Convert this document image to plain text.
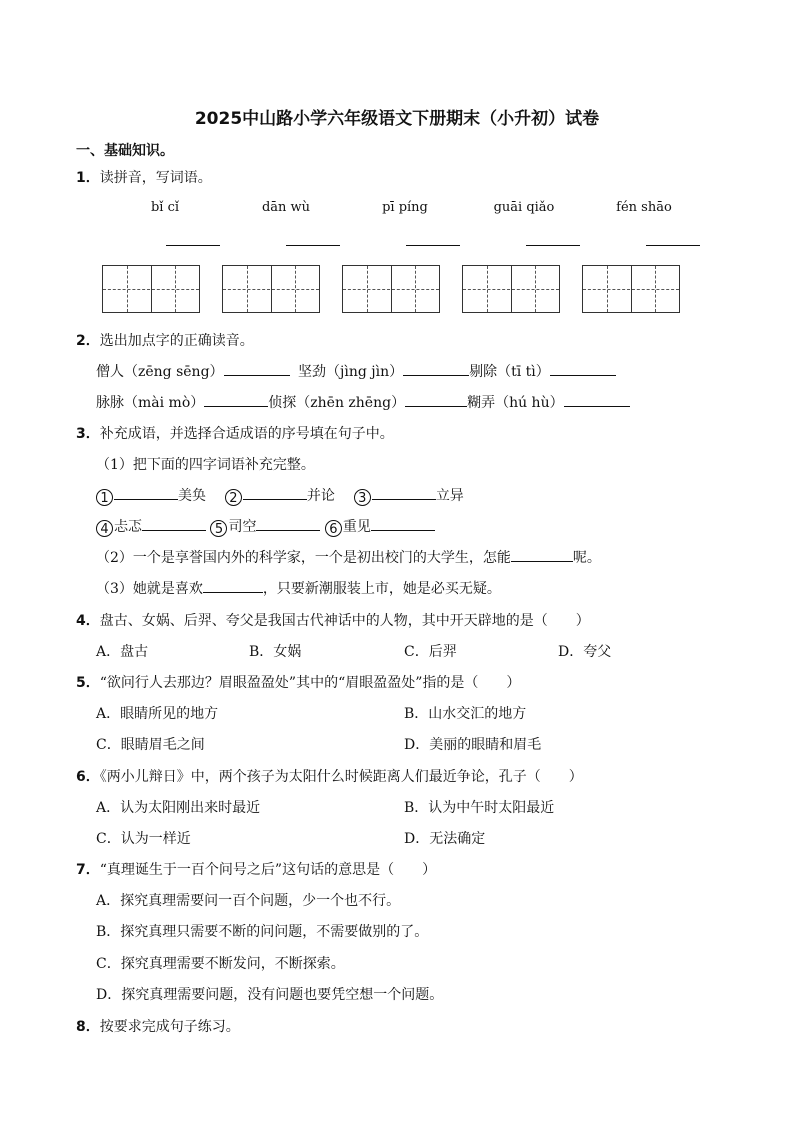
2025中山路小学六年级语文下册期末（小升初）试卷
一、基础知识。
1．读拼音，写词语。
bǐ cǐ	dān wù	pī píng	guāi qiǎo	fén shāo
2．选出加点字的正确读音。
僧人（zēng sēng）	坚劲（jìng jìn）	剔除（tī tì）
脉脉（mài mò）	侦探（zhēn zhēng）	糊弄（hú hù）
3．补充成语，并选择合适成语的序号填在句子中。
（1）把下面的四字词语补充完整。
1	美奂 2	并论 3	立异
4 忐忑	5 司空	6 重见
（2）一个是享誉国内外的科学家，一个是初出校门的大学生，怎能	呢。
（3）她就是喜欢	，只要新潮服装上市，她是必买无疑。
4．盘古、女娲、后羿、夸父是我国古代神话中的人物，其中开天辟地的是（　　）
A．盘古	B．女娲	C．后羿	D．夸父
5．“欲问行人去那边？眉眼盈盈处”其中的“眉眼盈盈处”指的是（　　）
A．眼睛所见的地方	B．山水交汇的地方
C．眼睛眉毛之间	D．美丽的眼睛和眉毛
6．《两小儿辩日》中，两个孩子为太阳什么时候距离人们最近争论，孔子（　　）
A．认为太阳刚出来时最近	B．认为中午时太阳最近
C．认为一样近	D．无法确定
7．“真理诞生于一百个问号之后”这句话的意思是（　　）
A．探究真理需要问一百个问题，少一个也不行。
B．探究真理只需要不断的问问题，不需要做别的了。
C．探究真理需要不断发问，不断探索。
D．探究真理需要问题，没有问题也要凭空想一个问题。
8．按要求完成句子练习。
